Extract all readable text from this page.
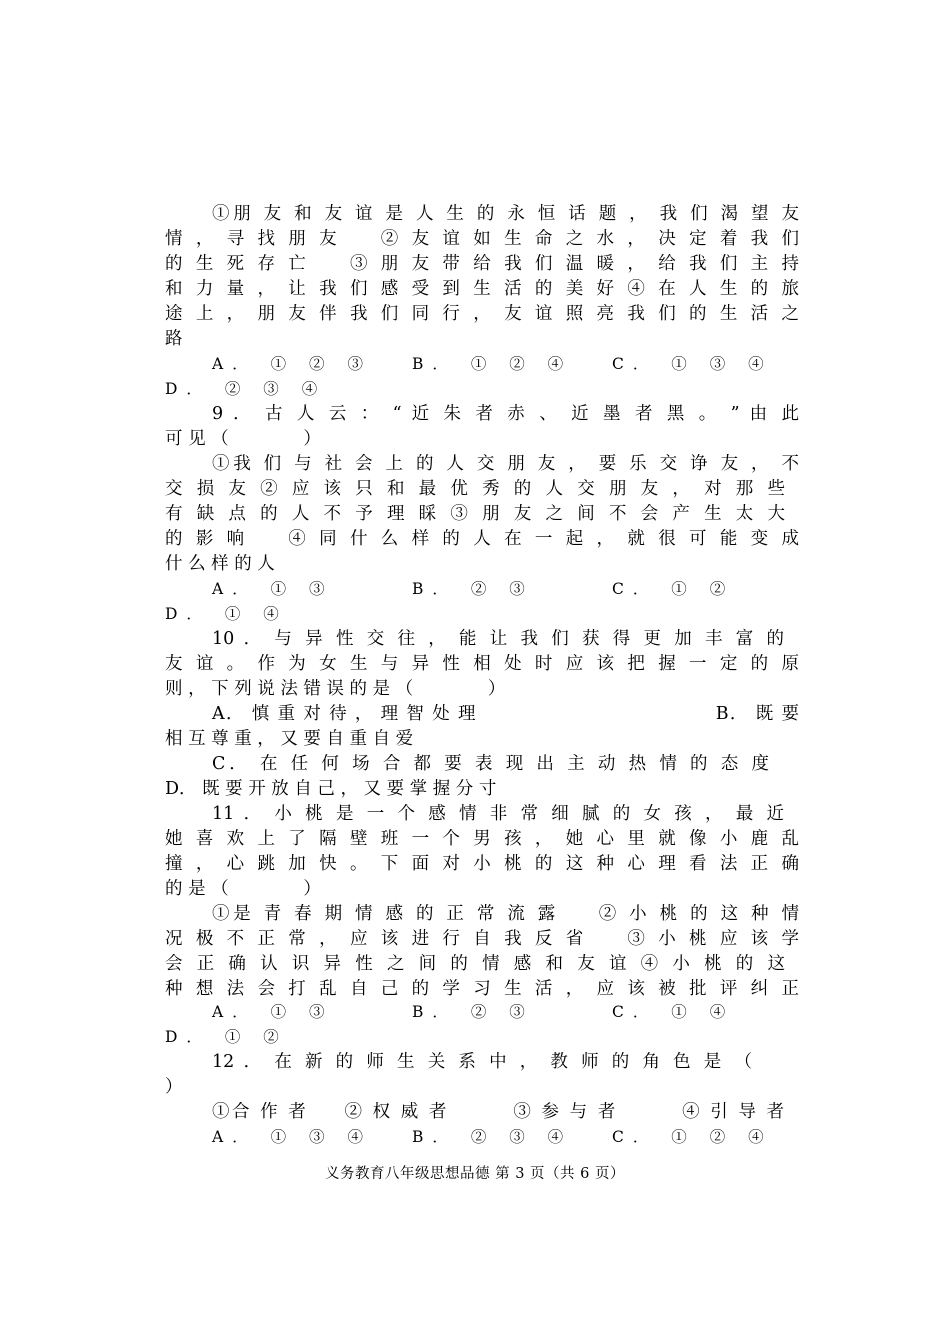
①朋 友 和 友 谊 是 人 生 的 永 恒 话 题 ， 我 们 渴 望 友
情 ， 寻 找 朋 友 　 ② 友 谊 如 生 命 之 水 ， 决 定 着 我 们
的 生 死 存 亡 　 ③ 朋 友 带 给 我 们 温 暖 ， 给 我 们 主 持
和 力 量 ， 让 我 们 感 受 到 生 活 的 美 好 ④ 在 人 生 的 旅
途 上 ， 朋 友 伴 我 们 同 行 ， 友 谊 照 亮 我 们 的 生 活 之
路
A． ① ② ③	B． ① ② ④	C． ① ③ ④
D． ② ③ ④
9 ． 古 人 云 ： “ 近 朱 者 赤 、 近 墨 者 黑 。 ” 由 此
可 见 （ 　 　 　 ）
①我 们 与 社 会 上 的 人 交 朋 友 ， 要 乐 交 诤 友 ， 不
交 损 友 ② 应 该 只 和 最 优 秀 的 人 交 朋 友 ， 对 那 些
有 缺 点 的 人 不 予 理 睬 ③ 朋 友 之 间 不 会 产 生 太 大
的 影 响 　 ④ 同 什 么 样 的 人 在 一 起 ， 就 很 可 能 变 成
什 么 样 的 人
A． ① ③	B． ② ③	C． ① ②
D． ① ④
10 ． 与 异 性 交 往 ， 能 让 我 们 获 得 更 加 丰 富 的
友 谊 。 作 为 女 生 与 异 性 相 处 时 应 该 把 握 一 定 的 原
则 ， 下 列 说 法 错 误 的 是 （ 　 　 　 ）
A． 慎 重 对 待 ， 理 智 处 理 　 　 　 　 　 　 　 　 　 B． 既 要
相 互 尊 重 ， 又 要 自 重 自 爱
C． 在 任 何 场 合 都 要 表 现 出 主 动 热 情 的 态 度
D． 既 要 开 放 自 己 ， 又 要 掌 握 分 寸
11 ． 小 桃 是 一 个 感 情 非 常 细 腻 的 女 孩 ， 最 近
她 喜 欢 上 了 隔 壁 班 一 个 男 孩 ， 她 心 里 就 像 小 鹿 乱
撞 ， 心 跳 加 快 。 下 面 对 小 桃 的 这 种 心 理 看 法 正 确
的 是 （ 　 　 　 ）
①是 青 春 期 情 感 的 正 常 流 露 　 ② 小 桃 的 这 种 情
况 极 不 正 常 ， 应 该 进 行 自 我 反 省 　 ③ 小 桃 应 该 学
会 正 确 认 识 异 性 之 间 的 情 感 和 友 谊 ④ 小 桃 的 这
种 想 法 会 打 乱 自 己 的 学 习 生 活 ， 应 该 被 批 评 纠 正
A． ① ③	B． ② ③	C． ① ④
D． ① ②
12 ． 在 新 的 师 生 关 系 中 ， 教 师 的 角 色 是 （
）
①合 作 者 　 ② 权 威 者 　 　 ③ 参 与 者 　 　 ④ 引 导 者
A． ① ③ ④	B． ② ③ ④	C． ① ② ④
义务教育八年级思想品德 第 3 页（共 6 页）
